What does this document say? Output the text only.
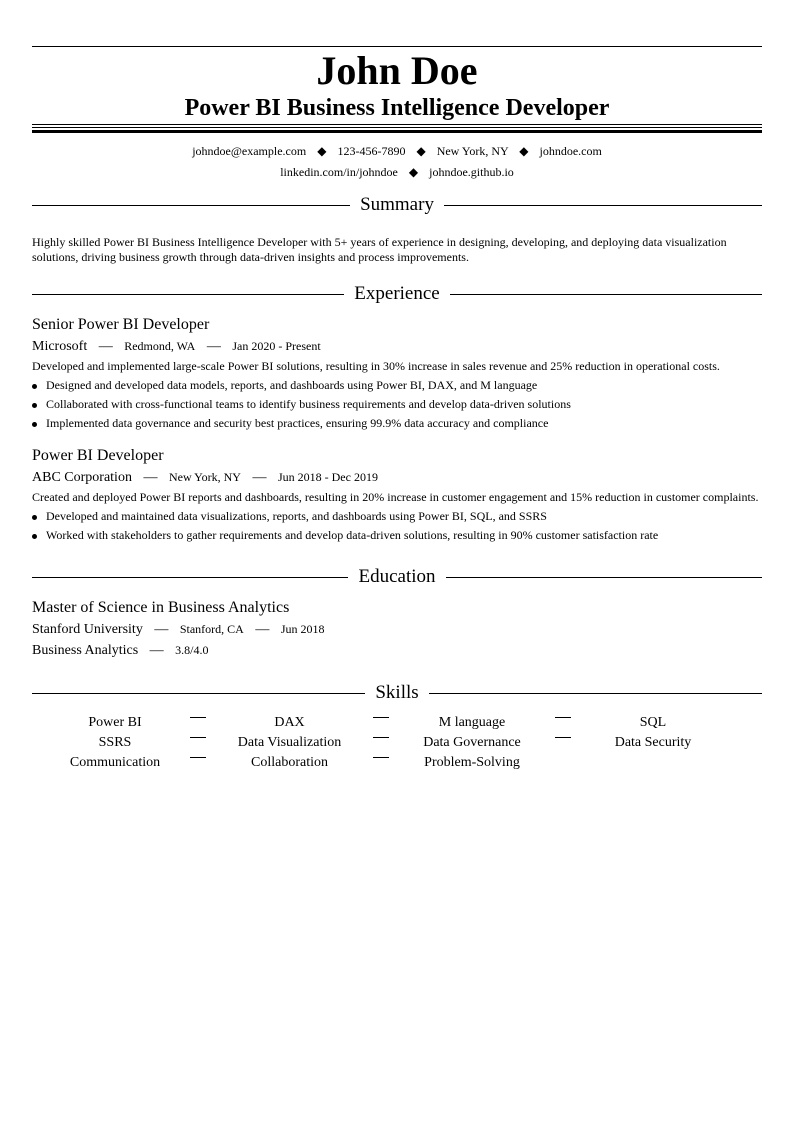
John Doe
Power BI Business Intelligence Developer
johndoe@example.com ◆ 123-456-7890 ◆ New York, NY ◆ johndoe.com
linkedin.com/in/johndoe ◆ johndoe.github.io
Summary
Highly skilled Power BI Business Intelligence Developer with 5+ years of experience in designing, developing, and deploying data visualization solutions, driving business growth through data-driven insights and process improvements.
Experience
Senior Power BI Developer
Microsoft — Redmond, WA — Jan 2020 - Present
Developed and implemented large-scale Power BI solutions, resulting in 30% increase in sales revenue and 25% reduction in operational costs.
Designed and developed data models, reports, and dashboards using Power BI, DAX, and M language
Collaborated with cross-functional teams to identify business requirements and develop data-driven solutions
Implemented data governance and security best practices, ensuring 99.9% data accuracy and compliance
Power BI Developer
ABC Corporation — New York, NY — Jun 2018 - Dec 2019
Created and deployed Power BI reports and dashboards, resulting in 20% increase in customer engagement and 15% reduction in customer complaints.
Developed and maintained data visualizations, reports, and dashboards using Power BI, SQL, and SSRS
Worked with stakeholders to gather requirements and develop data-driven solutions, resulting in 90% customer satisfaction rate
Education
Master of Science in Business Analytics
Stanford University — Stanford, CA — Jun 2018
Business Analytics — 3.8/4.0
Skills
Power BI	DAX	M language	SQL
SSRS	Data Visualization	Data Governance	Data Security
Communication	Collaboration	Problem-Solving
